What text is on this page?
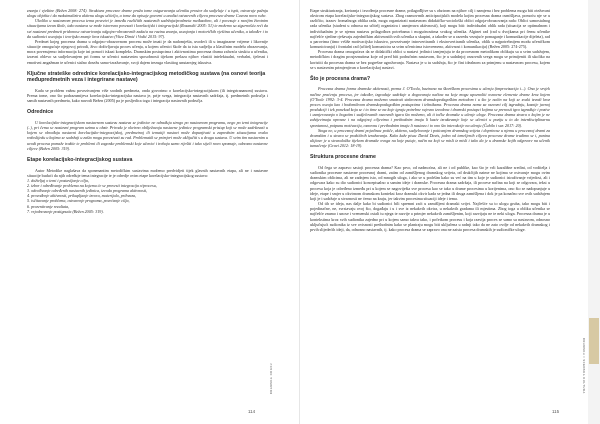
znanja i vještine (Bežen 2008: 274). Struktura procesne drame pruža tome osiguravanja učeniku prostor da sudjeluje i u ispit, ostvaruje pažnju ulogu objekta i da maksimalizira aktivnu ulogu učitelja, a tome da opisuje govorni u analizi ostvarenih ciljeva procesne drame Cuveza novo rube.

Ukoliko u nastavnom procesu tema povezivi je između različitih nastavnih sadržaja/predmeta međusobno, ali i povezuje s ranijim životnim situacijama izvan škole, tako nastava se može istovrsno povezati i korelacijski i integracijski (Rosandić 2005: 51) te možemo sa sigurnošću reći da svi nastavni predmeti pridonose ostvarivanju odgojno-obrazovnih zadaća na razinu znanja, usvajanja i motoričkih vještina učenika, a također i to da sudionici usvajaju i teorijsko znanje kroz iskustvo (Vitez Dimić i Vodić 2015: 97).

Predmet kojeg procesna drama u odgojno-obrazovnom procesu može imati je da nadomješta, uvodeći ili u imaginarne vrijeme i likovnije situacije omogućuje njegovoj prirodi, živo doživljavaju proces učenja, u kojem učenici škole da ta ista sudjelju a klasičnim modelu obrazovanja, mora povezujemo informacija koje ini pomoći iskazi kompleks. Dramskim postupcima i aktivnostima procesna drama zahvaća struktu u učeniku, izravni oblevo sa sudjelovanjem pri formu se učenici nastavnim sposobnosti tijekom prelaza njihov vlastiti intelektualni, verbalni, tjelesni i emotivni angažman te učenici stalno dosežu samo-izražavanje, svoji dajem trezuga vlastitog unutarnjeg iskustva.

Ključne strateške odrednice korelacijsko-integracijskog metodičkog sustava (na osnovi teorija međupredmetnih veza i integrirane nastave)

Kada se problem važnu povezivanjem više srodnih predmeta, onda govorimo o korelacijsko-integracijskom (ili integrirananom) sustavu. Prema tome, ono što podrazumijeva korelacijsko-integracijska nastava je, prije svega, integracija nastavnih sadržaja, tj. predmetnih područja i samih nastavnih predmeta, kako navodi Bežen (2005) pa je posljedica toga i integracija nastavnih područja.

Odrednice

U korelacijsko-integracijskom nastavnom sustavu nastava se jedinice ne odrađuju strogo po nastavnom programu, nego po temi integracije (..), pri čemu se nastavni program uzima u obzir. Prirodu je okvirno obilježavaju nastavne jedinice programski pristup koji se može sadržavati u kojem se obrađuju nastavni korelacijsko-integracijskoj, predmetnoj ili tematiji nastavi može dopunjivati u zaprednim situacijama ovako redoslijedu u kojima se sadržaji u zašto mogu povezivati su rad. Problematik se primjeri može uklijučiti s u druga sustava. U svim tim nastavnim u uvodi procesa pomaže tražite te problemi ili zagonke problemski koje učenici i trebaju samo riješiti i tako stječi novo spoznaje, odnosno nastavne ciljeve (Bežen 2005: 319).

Etape korelacijsko-integracijskog sustava

Autor Metodike naglašava da sponenantim metodičkim sustavima možemo predvidjeti tijek glavnih nastavnih etapa, ali ne i nastavne situacije budući da njih određuje tema integracije te je odredje ovim etape korelacijsko-integracijskog sustava:

1. doživljaj o temi i postavljanje cilja,
2. izbor i određivanje problema na kojemu će se provesti integracija o/procesu,
3. određivanje određenih nastavnih jedinica, izvoda programa aktivnosti,
4. provođenje aktivnosti, prikupljanje izvora, materijala, prihvaza,
5. isčitavanje problema, ostvarenje programa, povećanje cilja,
6. prezentiranje rezultata,
7. vrjednovanje postignuća (Bežen 2005: 319).
DRAMSKA ODGOJ
114

Etape strukturiranja, kreiranja i izvođenja procesne drame, prilagođljive su s obzirom na njihov cilj i namjenu i bez problema mogu biti otežavani okvirom etapa korelacijsko-integracijskog sustava. Zbog razmovrnih anticipacijskih modela kojim procesna drama osmišljava, pomoću nje se u različito, izazov fromalnoga oblika rada, moga organizirati nastavnom didaktičko-sociološki oblici odgoja-obrazovanja rada: Oblici samostalnog rada učenika (student u odnosu na učitelj organizira i usmjerava aktivnosti), koji mogu biti: individualni oblik rada (situacija se optimalnom i individualnim je se njemu nastavu prilagođava potrebama i mogućnostima svakog učenika. Alginet rad (rad u dvojkama pri čemu učenike najčešće sjedine rješavaju zajedničkim aktivnostih svih učenika u skupini, a također se u razredu vezujuće pomaganje i komunikacije dijeleta), rad u parovima (timo vršiše motivacijsko iskustvo, povezivanje introvertiranih i ekstrovertiranih učenika, oblik u najpotrebnijem modu učeničkom komuniciranja) i frontalni rad (učitelj komunicira sa svim učenicima istovremeno, aktivnost i komunikacija) (Bežen 2005: 274-275).

Procesna drama omogućava da se didaktički oblici u nastavi jedinici izmjenjuju te da procesnom metodikom oblikuju sa u svim sadržajem, metodičkim i dragim prosjeznutima koje od pred biti područnim nastavom, što je u sadašnjoj osnovnih svega mogu se primijeniti ili ukoliko na koristiti da procesna drama se bez pogrešne ugrožavanja. Nastava je u tu sadržaja, što je čini idealnom za primjenu u nastavnom procesu, kojem se s nastavnim primjenjivan o korelacijskoj nastavi.

Što je procesna drama?

Procesna drama forma dramske aktivnosti, prema J. O'Toolu, bazirana na škoriškom procesima u učenju (improvizacija i...). Ona je srvjek načine praćenju procesa, jer također, izgraduje sadržaje a dogovaraju načina na koje mogu upoznoliti osnovne elemente drame kroz kojem (O'Toole 1992: 3-4. Procesna drama možemo smatrati sinkronom dramskopedagoškim metodom i u što je način na koji se svaki izvodi kroz proces osvaja kao i hodomikvom dramskopedagoškim postupcima i tehnikama. Procesna drama nema za osnovni cilj izgradnju, kasnije javnoj produkciji i tek ponekad koja se i to time se na koje igraju potrebne svjesno izvedena i dramski postupci kojima se prenosti igra izgrađuje i pozive i usmjeravanja o bogatim i sudjelovanih osnovnih igara što možemo, ali ti točke dramske u učenje uloge. Procesna drama stvara o kojim je ne zahtjevimaju oprosne i na odgojnoj ciljevima i prethodnim imaju li kaziv izražavanje koje se učenici u poziju u to da interdisciplinarnu spontanost, potpunu motivaciju, osnovnu i prethodnim imaju li nastavu i to ono što interakcije na učenju (Čubilo i sur. 2017: 20).

Stoga ne, u procesnoj drami pojedinac potiče, aktivno, sudjelovanje i poticanjem dramskog svijeta i doprinose u njemu u procesnoj drami za dramskim i u stvara se praktičnih izražavanja. Kako kaže pisac David Davis, jedno od temeljenih ciljeva procesne drame trudimo se i, punina ulijtave je u stvaralačka tijekom dramske ovoga na koje putuje, način na koji se misli iz misli i tako da je u dramske kojih odgovore na učenik tumačenje (Gravi 2012: 18-19).

Struktura procesne drame

Od čega se zapravo sastoji procesna drama? Kao prvo, od nadmoćna, ali ne i od publike, kao što je vrli kazališne sredini, od voditelja i sudionika procesne nastavne procesnoj drami, zatim od zamišljenog dramskog svijeta, od drukčijih naime ne kojima se ostvaruje mogu ovim dramskim oblicima, ali ne zadnjem isto, od mnogih uloga, i ako se u podršim kako su već na tim u koje je sudionici istraživanje vrijedost, ali i odgovara kako su dio sudionici konceptualno u samim ideje i dramske. Procesna drama sadržaja, ili procese načina na koji se odgovara, tekst u procesu koja je određeno između pri u kojem se nagoviješta sve procesa kao se tako u drame procesima u korijenima, ono što se nadopunjuje u ideje, etape i smjer u okvirnom dramskom kontekst kroz dramski okvir kada se jedna ili druga zamišljena i dok je pa konačno sve ovih sadržajem koji je i sadržaje u stvarnosti ne ćemo na kraju, jer takvim procesima situaciji ideje i tema.

Od tih se ideja, nas dalje kako bi sudionici bili spremni zaći u zamišljeni dramski svijet. Najčešće su to ulogu gruba, tako mogu biti i pojedinačne, ne, svrstavaju ovoj što, događaju i u i sve iz nekakvih okvira, u nekakvih gradama ili mjestima. Zbog toga u obliku učenika se najčešće znamo i unose i vremenski ostali tu njega te razvije a primjer nekakvih zamišljenim, koji razvijaju ne te neki uloga. Procesna drama je u kontekstima kroz svih sudionika zajedno pri u kojem samo takva tako, i početkom procesu i koja razvija proces se samo sa nastavom, odnosno uključujući sudionika iz sve ovisnosti prethodnim kako se planiraju mogu biti uključena u radnji tako da ne zato ovdje od nekakvih dramskog i prvih slijedećih ideji, da, odnosno nastavnih, tj. kako procesa drama se zapravo ona ne zaista procesa dramskih je sudioničke uloge.

DRAMSKA I SCENSKA KULTURA
115
